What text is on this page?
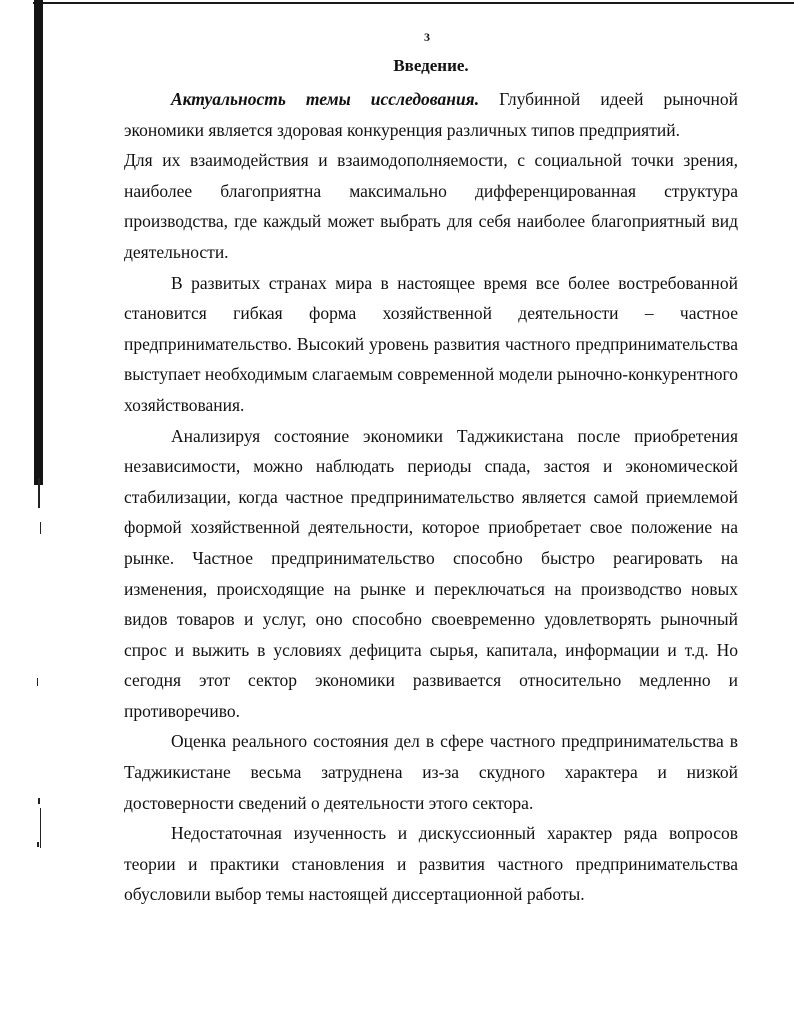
3
Введение.

Актуальность темы исследования. Глубинной идеей рыночной экономики является здоровая конкуренция различных типов предприятий.

Для их взаимодействия и взаимодополняемости, с социальной точки зрения, наиболее благоприятна максимально дифференцированная структура производства, где каждый может выбрать для себя наиболее благоприятный вид деятельности.

В развитых странах мира в настоящее время все более востребованной становится гибкая форма хозяйственной деятельности – частное предпринимательство. Высокий уровень развития частного предпринимательства выступает необходимым слагаемым современной модели рыночно-конкурентного хозяйствования.

Анализируя состояние экономики Таджикистана после приобретения независимости, можно наблюдать периоды спада, застоя и экономической стабилизации, когда частное предпринимательство является самой приемлемой формой хозяйственной деятельности, которое приобретает свое положение на рынке. Частное предпринимательство способно быстро реагировать на изменения, происходящие на рынке и переключаться на производство новых видов товаров и услуг, оно способно своевременно удовлетворять рыночный спрос и выжить в условиях дефицита сырья, капитала, информации и т.д. Но сегодня этот сектор экономики развивается относительно медленно и противоречиво.

Оценка реального состояния дел в сфере частного предпринимательства в Таджикистане весьма затруднена из-за скудного характера и низкой достоверности сведений о деятельности этого сектора.

Недостаточная изученность и дискуссионный характер ряда вопросов теории и практики становления и развития частного предпринимательства обусловили выбор темы настоящей диссертационной работы.
